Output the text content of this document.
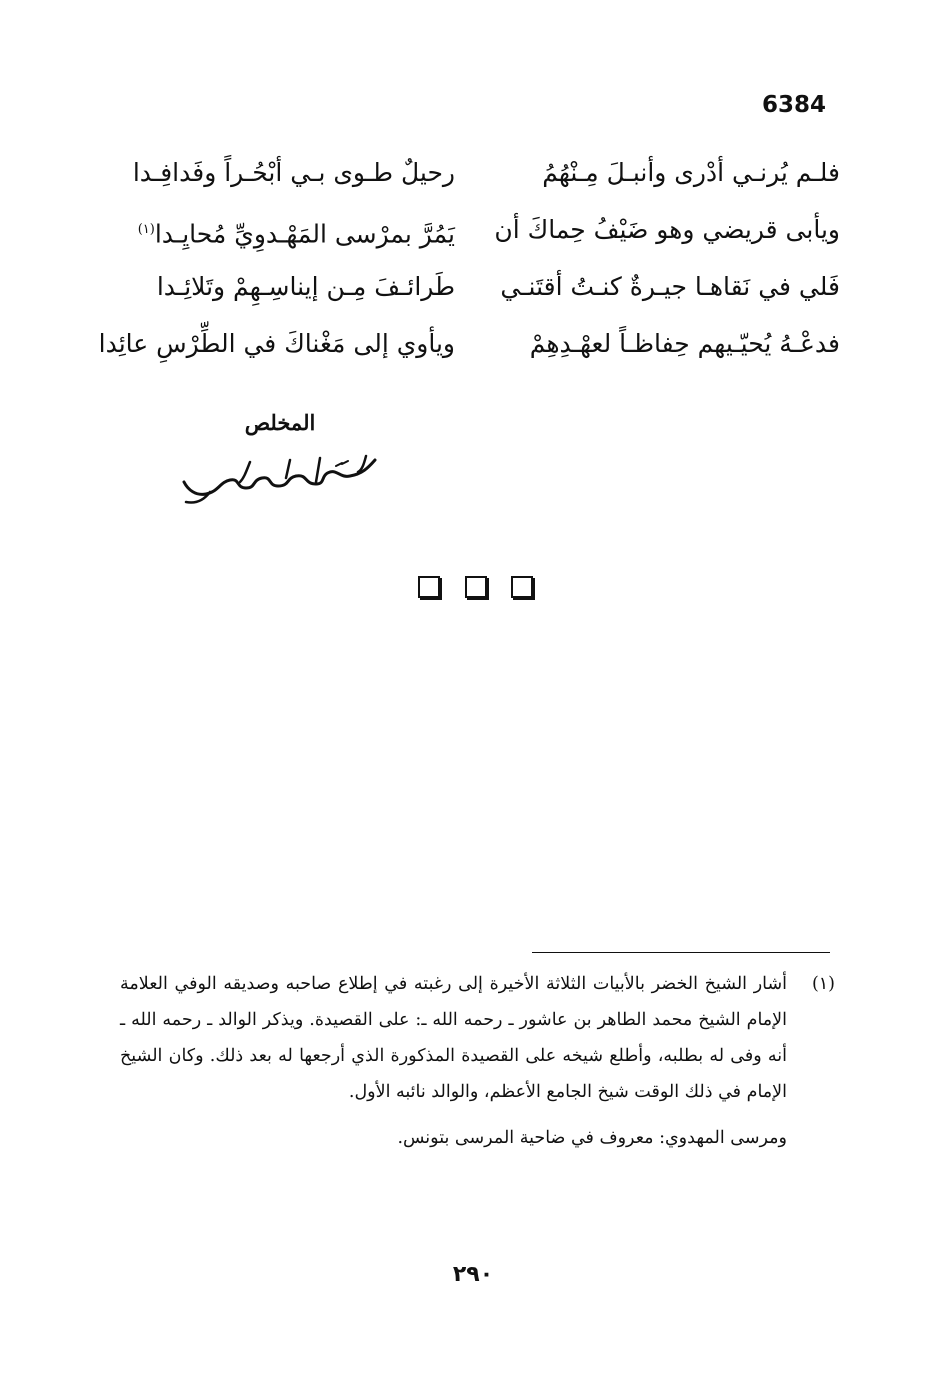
6384
فلـم يُرنـي أدْرى وأنبـلَ مِـنْهُمُ
رحيلٌ طـوى بـي أبْحُـراً وفَدافِـدا
ويأبى قريضي وهو ضَيْفُ حِماكَ أن
يَمُرَّ بمرْسى المَهْـدوِيِّ مُحايِـدا$^{(١)}$
فَلي في نَقاهـا جيـرةٌ كنـتُ أقتَنـي
طَرائـفَ مِـن إيناسِـهِمْ وتَلائِـدا
فدعْـهُ يُحيّـيهم حِفاظـاً لعهْـدِهِمْ
ويأوي إلى مَغْناكَ في الطِّرْسِ عائِدا
المخلص

(١)أشار الشيخ الخضر بالأبيات الثلاثة الأخيرة إلى رغبته في إطلاع صاحبه وصديقه الوفي العلامة الإمام الشيخ محمد الطاهر بن عاشور ـ رحمه الله ـ: على القصيدة. ويذكر الوالد ـ رحمه الله ـ أنه وفى له بطلبه، وأطلع شيخه على القصيدة المذكورة الذي أرجعها له بعد ذلك. وكان الشيخ الإمام في ذلك الوقت شيخ الجامع الأعظم، والوالد نائبه الأول.

ومرسى المهدوي: معروف في ضاحية المرسى بتونس.

٢٩٠
